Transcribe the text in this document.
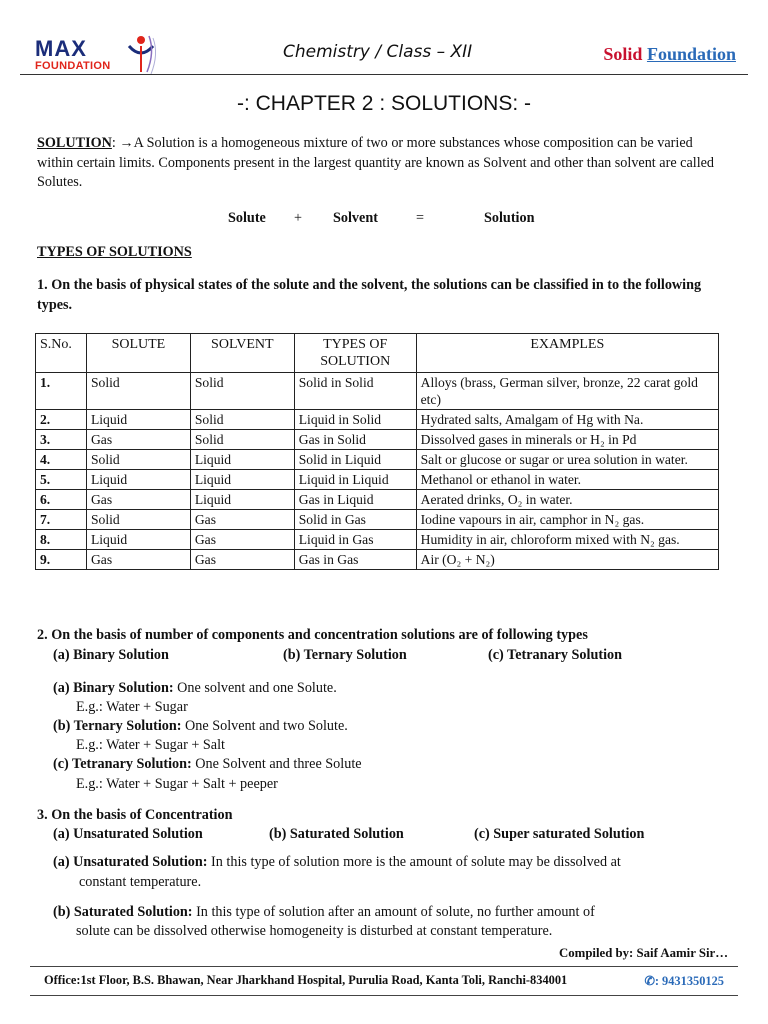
MAX
FOUNDATION
Chemistry / Class – XII	Solid Foundation
-: CHAPTER 2 : SOLUTIONS: -
SOLUTION: →A Solution is a homogeneous mixture of two or more substances whose composition can be varied within certain limits. Components present in the largest quantity are known as Solvent and other than solvent are called Solutes.
Solute + Solvent	=	Solution
TYPES OF SOLUTIONS
1. On the basis of physical states of the solute and the solvent, the solutions can be classified in to the following types.
S.No.	SOLUTE	SOLVENT	TYPES OF SOLUTION	EXAMPLES
1.	Solid	Solid	Solid in Solid	Alloys (brass, German silver, bronze, 22 carat gold etc)
2.	Liquid	Solid	Liquid in Solid	Hydrated salts, Amalgam of Hg with Na.
3.	Gas	Solid	Gas in Solid	Dissolved gases in minerals or H₂ in Pd
4.	Solid	Liquid	Solid in Liquid	Salt or glucose or sugar or urea solution in water.
5.	Liquid	Liquid	Liquid in Liquid	Methanol or ethanol in water.
6.	Gas	Liquid	Gas in Liquid	Aerated drinks, O₂ in water.
7.	Solid	Gas	Solid in Gas	Iodine vapours in air, camphor in N₂ gas.
8.	Liquid	Gas	Liquid in Gas	Humidity in air, chloroform mixed with N₂ gas.
9.	Gas	Gas	Gas in Gas	Air (O₂ + N₂)
2. On the basis of number of components and concentration solutions are of following types
(a) Binary Solution	(b) Ternary Solution	(c) Tetranary Solution
(a) Binary Solution: One solvent and one Solute.
E.g.: Water + Sugar
(b) Ternary Solution: One Solvent and two Solute.
E.g.: Water + Sugar + Salt
(c) Tetranary Solution: One Solvent and three Solute
E.g.: Water + Sugar + Salt + peeper
3. On the basis of Concentration
(a) Unsaturated Solution	(b) Saturated Solution	(c) Super saturated Solution
(a) Unsaturated Solution: In this type of solution more is the amount of solute may be dissolved at
constant temperature.
(b) Saturated Solution: In this type of solution after an amount of solute, no further amount of
solute can be dissolved otherwise homogeneity is disturbed at constant temperature.
Compiled by: Saif Aamir Sir…
Office:1st Floor, B.S. Bhawan, Near Jharkhand Hospital, Purulia Road, Kanta Toli, Ranchi-834001	✆: 9431350125
